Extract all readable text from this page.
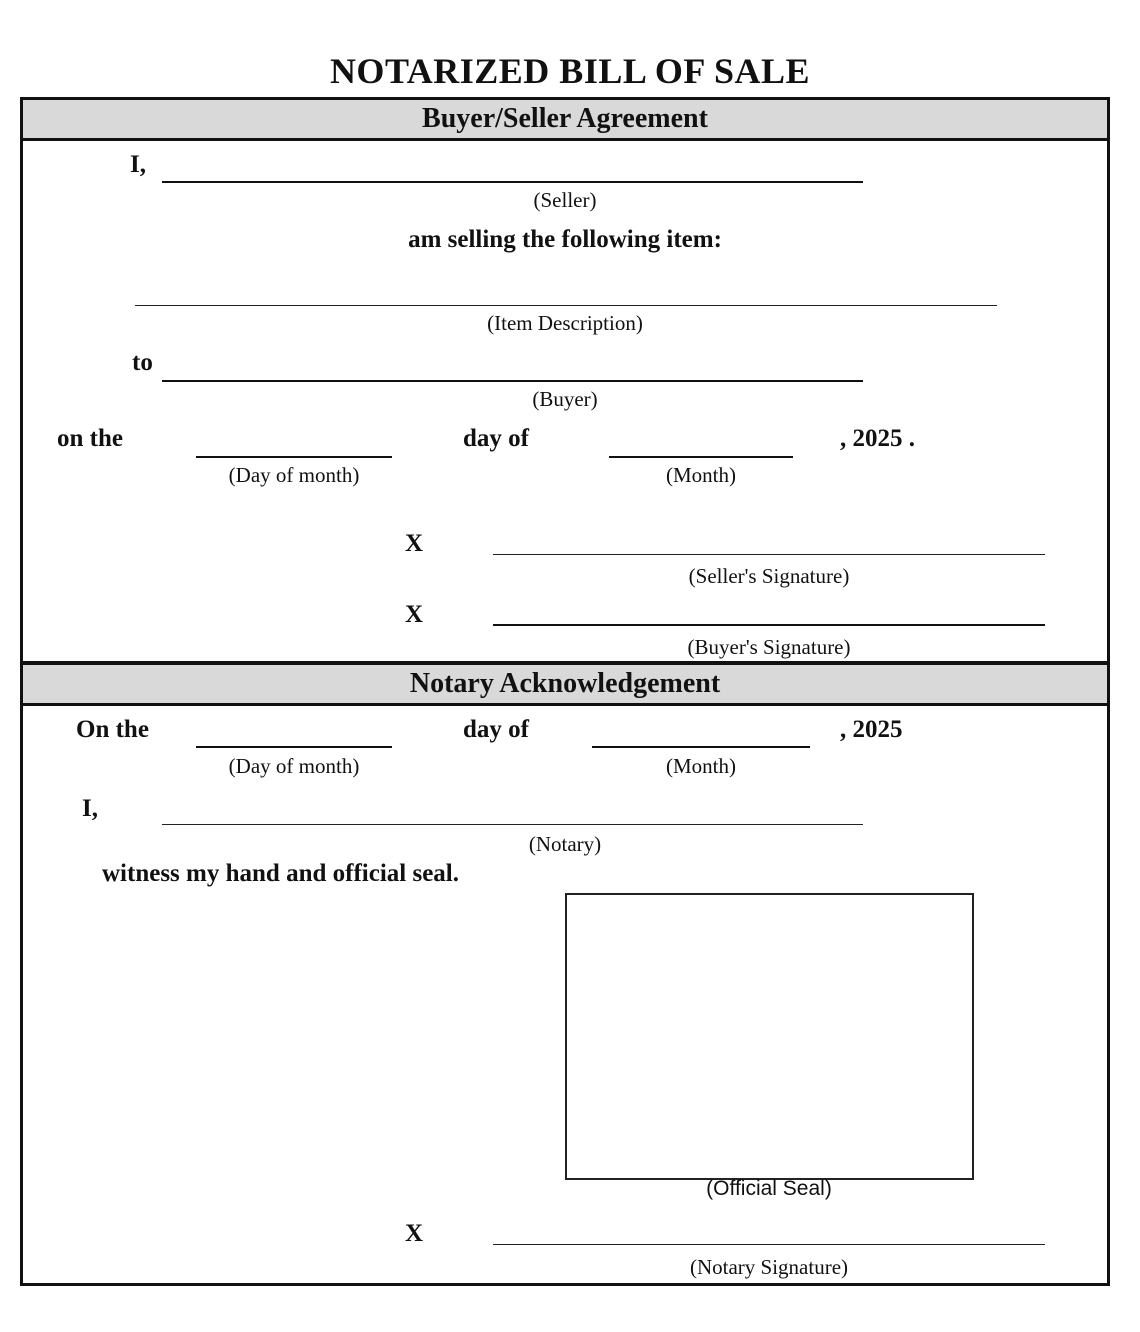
NOTARIZED BILL OF SALE
Buyer/Seller Agreement
I,
(Seller)
am selling the following item:
(Item Description)
to
(Buyer)
on the	day of	, 2025 .
(Day of month)	(Month)
X
(Seller's Signature)
X
(Buyer's Signature)
Notary Acknowledgement
On the	day of	, 2025
(Day of month)	(Month)
I,
(Notary)
witness my hand and official seal.
(Official Seal)
X
(Notary Signature)
